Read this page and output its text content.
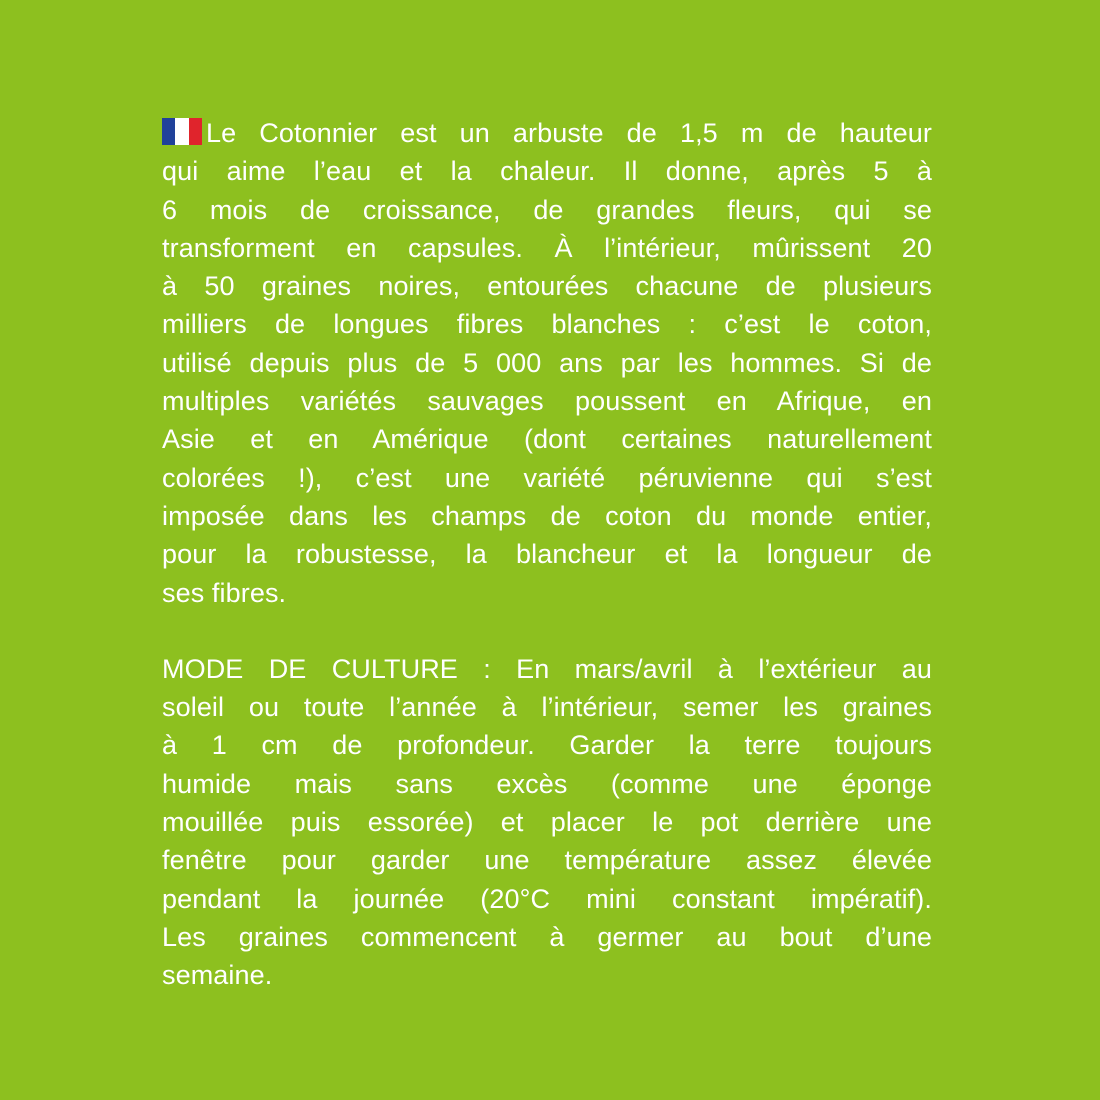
Le Cotonnier est un arbuste de 1,5 m de hauteur
qui aime l’eau et la chaleur. Il donne, après 5 à
6 mois de croissance, de grandes fleurs, qui se
transforment en capsules. À l’intérieur, mûrissent 20
à 50 graines noires, entourées chacune de plusieurs
milliers de longues fibres blanches : c’est le coton,
utilisé depuis plus de 5 000 ans par les hommes. Si de
multiples variétés sauvages poussent en Afrique, en
Asie et en Amérique (dont certaines naturellement
colorées !), c’est une variété péruvienne qui s’est
imposée dans les champs de coton du monde entier,
pour la robustesse, la blancheur et la longueur de
ses fibres.
MODE DE CULTURE : En mars/avril à l’extérieur au
soleil ou toute l’année à l’intérieur, semer les graines
à 1 cm de profondeur. Garder la terre toujours
humide mais sans excès (comme une éponge
mouillée puis essorée) et placer le pot derrière une
fenêtre pour garder une température assez élevée
pendant la journée (20°C mini constant impératif).
Les graines commencent à germer au bout d’une
semaine.
